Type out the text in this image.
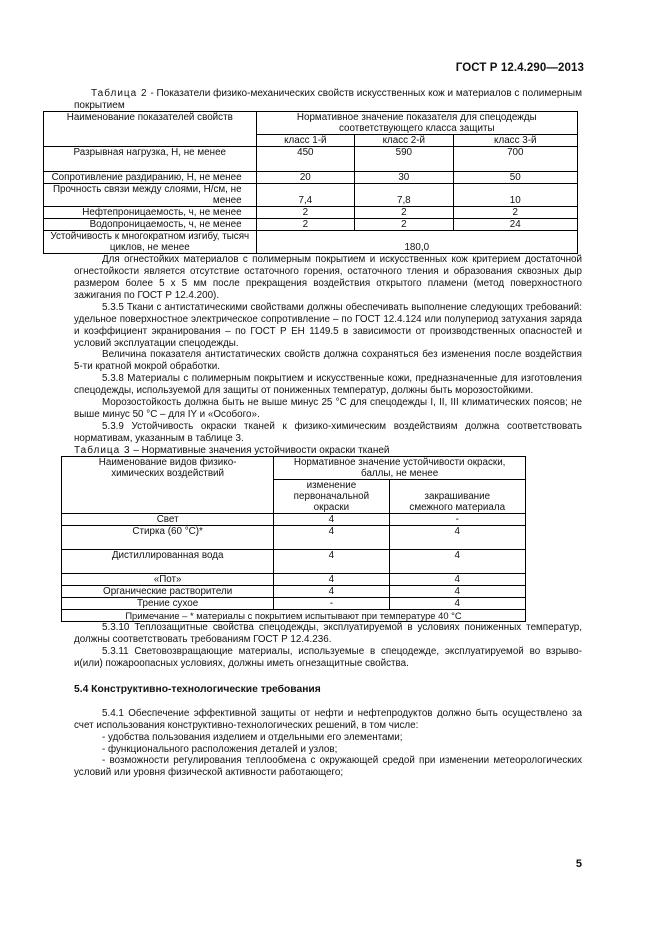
ГОСТ Р 12.4.290—2013

Таблица 2 - Показатели физико-механических свойств искусственных кож и материалов с полимерным покрытием

Наименование показателей свойств	Нормативное значение показателя для спецодежды соответствующего класса защиты		
	класс 1-й	класс 2-й	класс 3-й
Разрывная нагрузка, Н, не менее	450	590	700
Сопротивление раздиранию, Н, не менее	20	30	50
Прочность связи между слоями, Н/см, не менее	7,4	7,8	10
Нефтепроницаемость, ч, не менее	2	2	2
Водопроницаемость, ч, не менее	2	2	24
Устойчивость к многократном изгибу, тысяч циклов, не менее	180,0		

Для огнестойких материалов с полимерным покрытием и искусственных кож критерием достаточной огнестойкости является отсутствие остаточного горения, остаточного тления и образования сквозных дыр размером более 5 х 5 мм после прекращения воздействия открытого пламени (метод поверхностного зажигания по ГОСТ Р 12.4.200).

5.3.5 Ткани с антистатическими свойствами должны обеспечивать выполнение следующих требований: удельное поверхностное электрическое сопротивление – по ГОСТ 12.4.124 или полупериод затухания заряда и коэффициент экранирования – по ГОСТ Р ЕН 1149.5 в зависимости от производственных опасностей и условий эксплуатации спецодежды.

Величина показателя антистатических свойств должна сохраняться без изменения после воздействия 5-ти кратной мокрой обработки.

5.3.8 Материалы с полимерным покрытием и искусственные кожи, предназначенные для изготовления спецодежды, используемой для защиты от пониженных температур, должны быть морозостойкими.

Морозостойкость должна быть не выше минус 25 °С для спецодежды I, II, III климатических поясов; не выше минус 50 °С – для IY и «Особого».

5.3.9 Устойчивость окраски тканей к физико-химическим воздействиям должна соответствовать нормативам, указанным в таблице 3.

Таблица 3 – Нормативные значения устойчивости окраски тканей

Наименование видов физико-химических воздействий	Нормативное значение устойчивости окраски, баллы, не менее	
	изменение первоначальной окраски	закрашивание смежного материала
Свет	4	-
Стирка (60 °С)*	4	4
Дистиллированная вода	4	4
«Пот»	4	4
Органические растворители	4	4
Трение сухое	-	4
Примечание – * материалы с покрытием испытывают при температуре 40 °С		

5.3.10 Теплозащитные свойства спецодежды, эксплуатируемой в условиях пониженных температур, должны соответствовать требованиям ГОСТ Р 12.4.236.

5.3.11 Световозвращающие материалы, используемые в спецодежде, эксплуатируемой во взрыво- и(или) пожароопасных условиях, должны иметь огнезащитные свойства.

5.4 Конструктивно-технологические требования

5.4.1 Обеспечение эффективной защиты от нефти и нефтепродуктов должно быть осуществлено за счет использования конструктивно-технологических решений, в том числе:

- удобства пользования изделием и отдельными его элементами;

- функционального расположения деталей и узлов;

- возможности регулирования теплообмена с окружающей средой при изменении метеорологических условий или уровня физической активности работающего;

5
